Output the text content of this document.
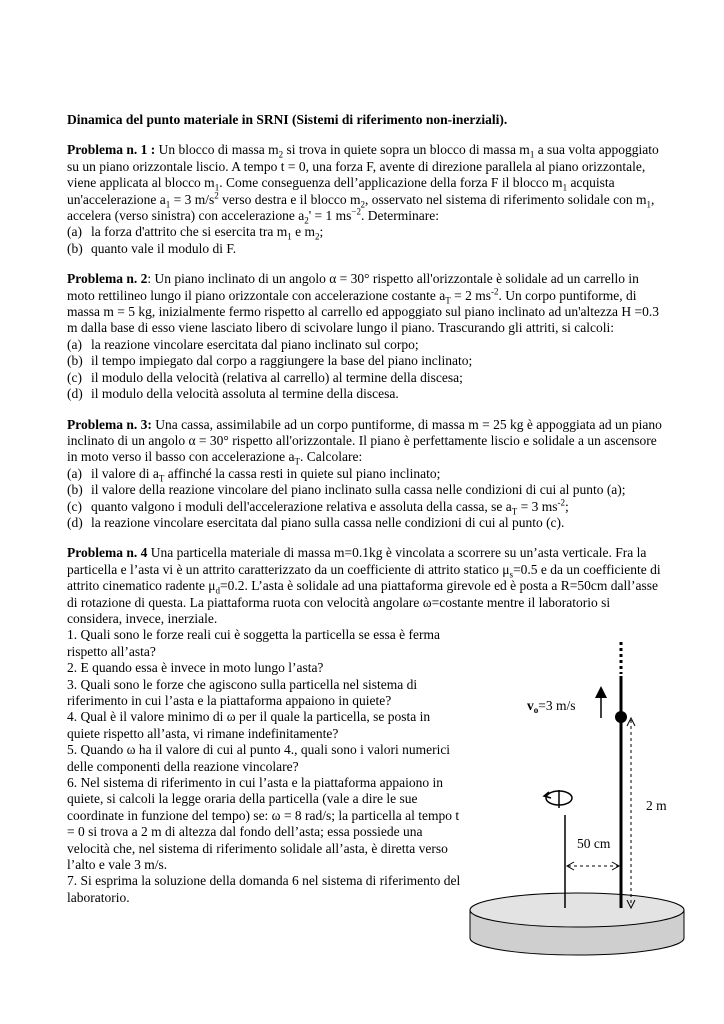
Dinamica del punto materiale in SRNI (Sistemi di riferimento non-inerziali).

Problema n. 1 : Un blocco di massa $m_2$ si trova in quiete sopra un blocco di massa $m_1$ a sua volta appoggiato su un piano orizzontale liscio. A tempo t = 0, una forza F, avente di direzione parallela al piano orizzontale, viene applicata al blocco $m_1$. Come conseguenza dell’applicazione della forza F il blocco $m_1$ acquista un'accelerazione $a_1 = 3$ $m/s^2$ verso destra e il blocco $m_2$, osservato nel sistema di riferimento solidale con $m_1$, accelera (verso sinistra) con accelerazione $a_2' = 1$ $ms^{-2}$. Determinare:

(a) la forza d'attrito che si esercita tra $m_1$ e $m_2$;
(b) quanto vale il modulo di F.

Problema n. 2: Un piano inclinato di un angolo α = 30° rispetto all'orizzontale è solidale ad un carrello in moto rettilineo lungo il piano orizzontale con accelerazione costante $a_T = 2$ $ms^{-2}$. Un corpo puntiforme, di massa m = 5 kg, inizialmente fermo rispetto al carrello ed appoggiato sul piano inclinato ad un'altezza H =0.3 m dalla base di esso viene lasciato libero di scivolare lungo il piano. Trascurando gli attriti, si calcoli:

(a) la reazione vincolare esercitata dal piano inclinato sul corpo;
(b) il tempo impiegato dal corpo a raggiungere la base del piano inclinato;
(c) il modulo della velocità (relativa al carrello) al termine della discesa;
(d) il modulo della velocità assoluta al termine della discesa.

Problema n. 3: Una cassa, assimilabile ad un corpo puntiforme, di massa m = 25 kg è appoggiata ad un piano inclinato di un angolo α = 30° rispetto all'orizzontale. Il piano è perfettamente liscio e solidale a un ascensore in moto verso il basso con accelerazione $a_T$. Calcolare:

(a) il valore di $a_T$ affinché la cassa resti in quiete sul piano inclinato;
(b) il valore della reazione vincolare del piano inclinato sulla cassa nelle condizioni di cui al punto (a);
(c) quanto valgono i moduli dell'accelerazione relativa e assoluta della cassa, se $a_T = 3$ $ms^{-2}$;
(d) la reazione vincolare esercitata dal piano sulla cassa nelle condizioni di cui al punto (c).

Problema n. 4 Una particella materiale di massa m=0.1kg è vincolata a scorrere su un’asta verticale. Fra la particella e l’asta vi è un attrito caratterizzato da un coefficiente di attrito statico $\mu_s=0.5$ e da un coefficiente di attrito cinematico radente $\mu_d=0.2$. L’asta è solidale ad una piattaforma girevole ed è posta a R=50cm dall’asse di rotazione di questa. La piattaforma ruota con velocità angolare ω=costante mentre il laboratorio si considera, invece, inerziale.

1. Quali sono le forze reali cui è soggetta la particella se essa è ferma rispetto all’asta?

2. E quando essa è invece in moto lungo l’asta?

3. Quali sono le forze che agiscono sulla particella nel sistema di riferimento in cui l’asta e la piattaforma appaiono in quiete?

4. Qual è il valore minimo di ω per il quale la particella, se posta in quiete rispetto all’asta, vi rimane indefinitamente?

5. Quando ω ha il valore di cui al punto 4., quali sono i valori numerici delle componenti della reazione vincolare?

6. Nel sistema di riferimento in cui l’asta e la piattaforma appaiono in quiete, si calcoli la legge oraria della particella (vale a dire le sue coordinate in funzione del tempo) se: ω = 8 rad/s; la particella al tempo t = 0 si trova a 2 m di altezza dal fondo dell’asta; essa possiede una velocità che, nel sistema di riferimento solidale all’asta, è diretta verso l’alto e vale 3 m/s.

7. Si esprima la soluzione della domanda 6 nel sistema di riferimento del laboratorio.

$v_o=3$ m/s
2 m
50 cm
